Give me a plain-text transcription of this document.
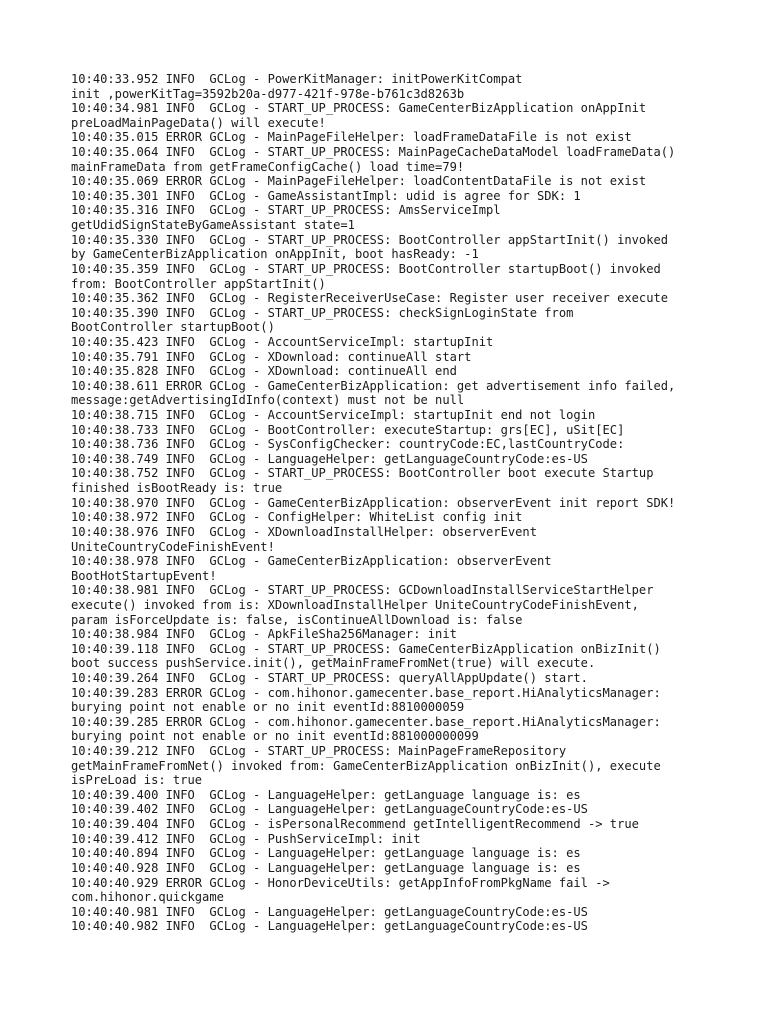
10:40:33.952 INFO  GCLog - PowerKitManager: initPowerKitCompat
init ,powerKitTag=3592b20a-d977-421f-978e-b761c3d8263b
10:40:34.981 INFO  GCLog - START_UP_PROCESS: GameCenterBizApplication onAppInit
preLoadMainPageData() will execute!
10:40:35.015 ERROR GCLog - MainPageFileHelper: loadFrameDataFile is not exist
10:40:35.064 INFO  GCLog - START_UP_PROCESS: MainPageCacheDataModel loadFrameData()
mainFrameData from getFrameConfigCache() load time=79!
10:40:35.069 ERROR GCLog - MainPageFileHelper: loadContentDataFile is not exist
10:40:35.301 INFO  GCLog - GameAssistantImpl: udid is agree for SDK: 1
10:40:35.316 INFO  GCLog - START_UP_PROCESS: AmsServiceImpl
getUdidSignStateByGameAssistant state=1
10:40:35.330 INFO  GCLog - START_UP_PROCESS: BootController appStartInit() invoked
by GameCenterBizApplication onAppInit, boot hasReady: -1
10:40:35.359 INFO  GCLog - START_UP_PROCESS: BootController startupBoot() invoked
from: BootController appStartInit()
10:40:35.362 INFO  GCLog - RegisterReceiverUseCase: Register user receiver execute
10:40:35.390 INFO  GCLog - START_UP_PROCESS: checkSignLoginState from
BootController startupBoot()
10:40:35.423 INFO  GCLog - AccountServiceImpl: startupInit
10:40:35.791 INFO  GCLog - XDownload: continueAll start
10:40:35.828 INFO  GCLog - XDownload: continueAll end
10:40:38.611 ERROR GCLog - GameCenterBizApplication: get advertisement info failed,
message:getAdvertisingIdInfo(context) must not be null
10:40:38.715 INFO  GCLog - AccountServiceImpl: startupInit end not login
10:40:38.733 INFO  GCLog - BootController: executeStartup: grs[EC], uSit[EC]
10:40:38.736 INFO  GCLog - SysConfigChecker: countryCode:EC,lastCountryCode:
10:40:38.749 INFO  GCLog - LanguageHelper: getLanguageCountryCode:es-US
10:40:38.752 INFO  GCLog - START_UP_PROCESS: BootController boot execute Startup
finished isBootReady is: true
10:40:38.970 INFO  GCLog - GameCenterBizApplication: observerEvent init report SDK!
10:40:38.972 INFO  GCLog - ConfigHelper: WhiteList config init
10:40:38.976 INFO  GCLog - XDownloadInstallHelper: observerEvent
UniteCountryCodeFinishEvent!
10:40:38.978 INFO  GCLog - GameCenterBizApplication: observerEvent
BootHotStartupEvent!
10:40:38.981 INFO  GCLog - START_UP_PROCESS: GCDownloadInstallServiceStartHelper
execute() invoked from is: XDownloadInstallHelper UniteCountryCodeFinishEvent,
param isForceUpdate is: false, isContinueAllDownload is: false
10:40:38.984 INFO  GCLog - ApkFileSha256Manager: init
10:40:39.118 INFO  GCLog - START_UP_PROCESS: GameCenterBizApplication onBizInit()
boot success pushService.init(), getMainFrameFromNet(true) will execute.
10:40:39.264 INFO  GCLog - START_UP_PROCESS: queryAllAppUpdate() start.
10:40:39.283 ERROR GCLog - com.hihonor.gamecenter.base_report.HiAnalyticsManager:
burying point not enable or no init eventId:8810000059
10:40:39.285 ERROR GCLog - com.hihonor.gamecenter.base_report.HiAnalyticsManager:
burying point not enable or no init eventId:881000000099
10:40:39.212 INFO  GCLog - START_UP_PROCESS: MainPageFrameRepository
getMainFrameFromNet() invoked from: GameCenterBizApplication onBizInit(), execute
isPreLoad is: true
10:40:39.400 INFO  GCLog - LanguageHelper: getLanguage language is: es
10:40:39.402 INFO  GCLog - LanguageHelper: getLanguageCountryCode:es-US
10:40:39.404 INFO  GCLog - isPersonalRecommend getIntelligentRecommend -> true
10:40:39.412 INFO  GCLog - PushServiceImpl: init
10:40:40.894 INFO  GCLog - LanguageHelper: getLanguage language is: es
10:40:40.928 INFO  GCLog - LanguageHelper: getLanguage language is: es
10:40:40.929 ERROR GCLog - HonorDeviceUtils: getAppInfoFromPkgName fail ->
com.hihonor.quickgame
10:40:40.981 INFO  GCLog - LanguageHelper: getLanguageCountryCode:es-US
10:40:40.982 INFO  GCLog - LanguageHelper: getLanguageCountryCode:es-US
